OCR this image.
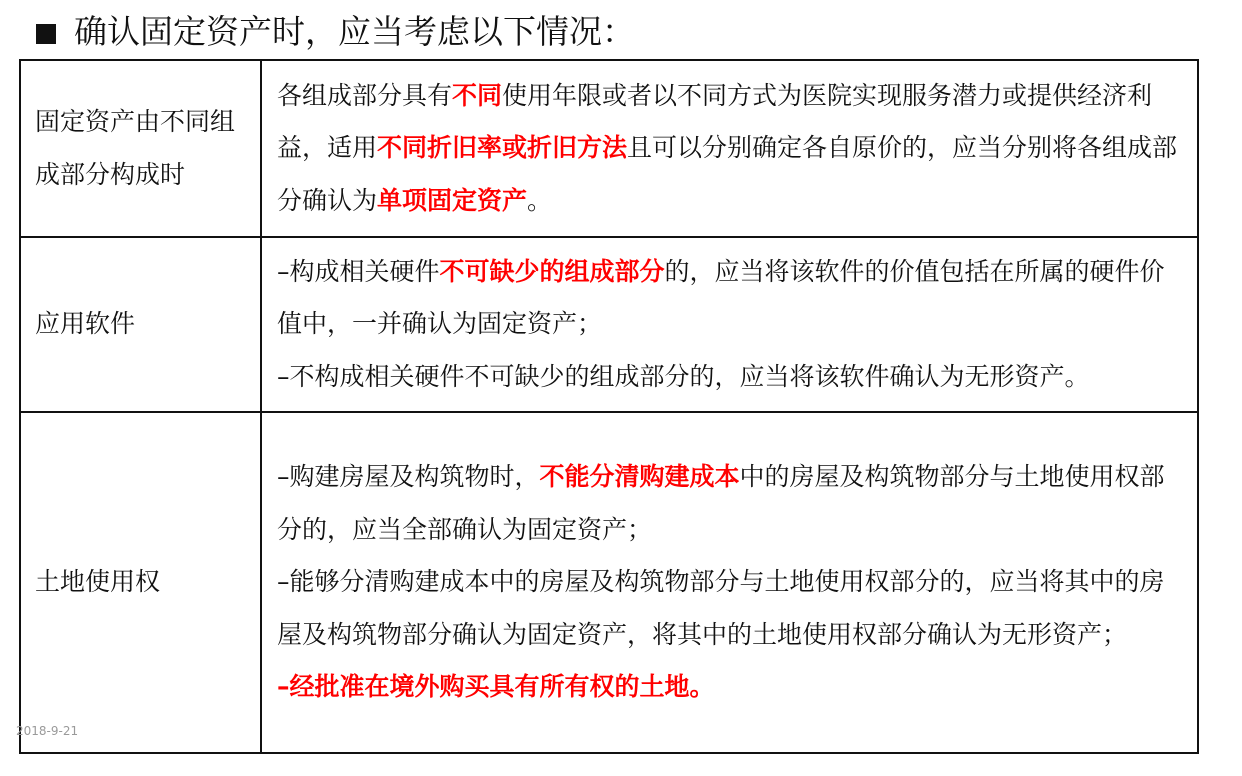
确认固定资产时，应当考虑以下情况：
固定资产由不同组成部分构成时	各组成部分具有不同使用年限或者以不同方式为医院实现服务潜力或提供经济利益，适用不同折旧率或折旧方法且可以分别确定各自原价的，应当分别将各组成部分确认为单项固定资产。

应用软件	–构成相关硬件不可缺少的组成部分的，应当将该软件的价值包括在所属的硬件价值中，一并确认为固定资产；
–不构成相关硬件不可缺少的组成部分的，应当将该软件确认为无形资产。

土地使用权	–购建房屋及构筑物时，不能分清购建成本中的房屋及构筑物部分与土地使用权部分的，应当全部确认为固定资产；
–能够分清购建成本中的房屋及构筑物部分与土地使用权部分的，应当将其中的房屋及构筑物部分确认为固定资产，将其中的土地使用权部分确认为无形资产；
–经批准在境外购买具有所有权的土地。
2018-9-21
